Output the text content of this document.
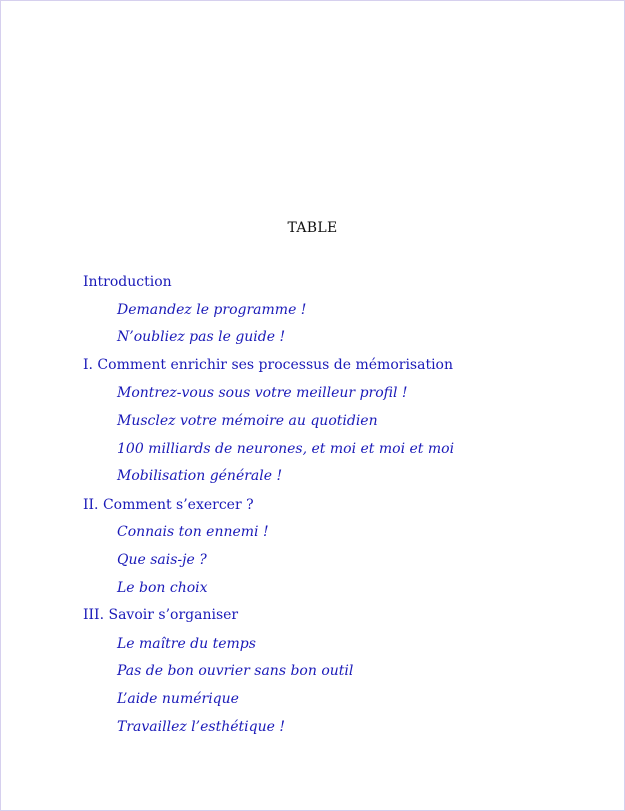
TABLE
Introduction
Demandez le programme !
N’oubliez pas le guide !
I. Comment enrichir ses processus de mémorisation
Montrez-vous sous votre meilleur profil !
Musclez votre mémoire au quotidien
100 milliards de neurones, et moi et moi et moi
Mobilisation générale !
II. Comment s’exercer ?
Connais ton ennemi !
Que sais-je ?
Le bon choix
III. Savoir s’organiser
Le maître du temps
Pas de bon ouvrier sans bon outil
L’aide numérique
Travaillez l’esthétique !
